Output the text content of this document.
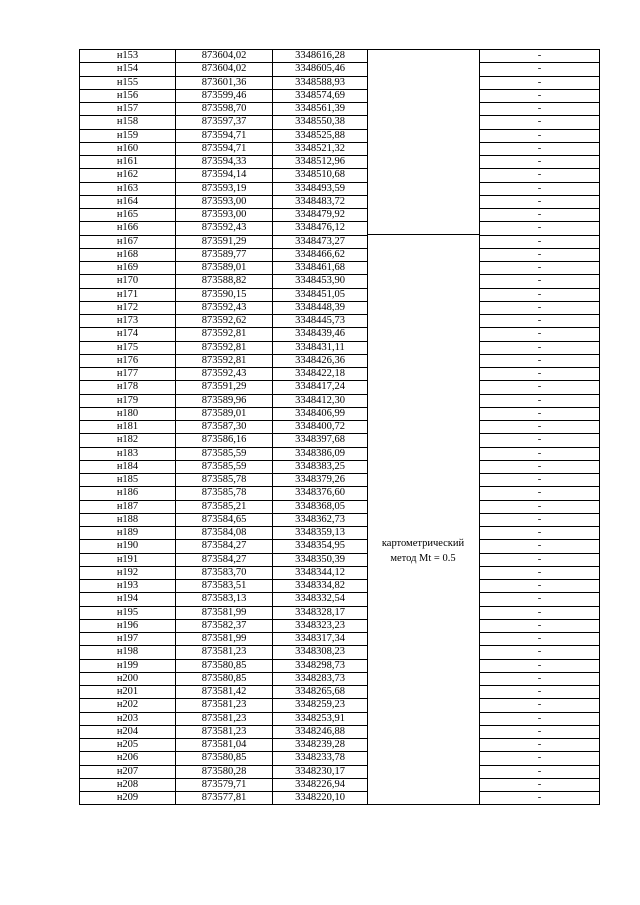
н153	873604,02	3348616,28		-
н154	873604,02	3348605,46		-
н155	873601,36	3348588,93		-
н156	873599,46	3348574,69		-
н157	873598,70	3348561,39		-
н158	873597,37	3348550,38		-
н159	873594,71	3348525,88		-
н160	873594,71	3348521,32		-
н161	873594,33	3348512,96		-
н162	873594,14	3348510,68		-
н163	873593,19	3348493,59		-
н164	873593,00	3348483,72		-
н165	873593,00	3348479,92		-
н166	873592,43	3348476,12		-
н167	873591,29	3348473,27		-
н168	873589,77	3348466,62		-
н169	873589,01	3348461,68		-
н170	873588,82	3348453,90		-
н171	873590,15	3348451,05		-
н172	873592,43	3348448,39		-
н173	873592,62	3348445,73		-
н174	873592,81	3348439,46		-
н175	873592,81	3348431,11		-
н176	873592,81	3348426,36		-
н177	873592,43	3348422,18		-
н178	873591,29	3348417,24		-
н179	873589,96	3348412,30		-
н180	873589,01	3348406,99		-
н181	873587,30	3348400,72		-
н182	873586,16	3348397,68		-
н183	873585,59	3348386,09		-
н184	873585,59	3348383,25		-
н185	873585,78	3348379,26		-
н186	873585,78	3348376,60		-
н187	873585,21	3348368,05		-
н188	873584,65	3348362,73		-
н189	873584,08	3348359,13		-
н190	873584,27	3348354,95		-
н191	873584,27	3348350,39		-
н192	873583,70	3348344,12		-
н193	873583,51	3348334,82		-
н194	873583,13	3348332,54		-
н195	873581,99	3348328,17		-
н196	873582,37	3348323,23		-
н197	873581,99	3348317,34		-
н198	873581,23	3348308,23		-
н199	873580,85	3348298,73		-
н200	873580,85	3348283,73		-
н201	873581,42	3348265,68		-
н202	873581,23	3348259,23		-
н203	873581,23	3348253,91		-
н204	873581,23	3348246,88		-
н205	873581,04	3348239,28		-
н206	873580,85	3348233,78		-
н207	873580,28	3348230,17		-
н208	873579,71	3348226,94		-
н209	873577,81	3348220,10		-
картометрический
метод Mt = 0.5
